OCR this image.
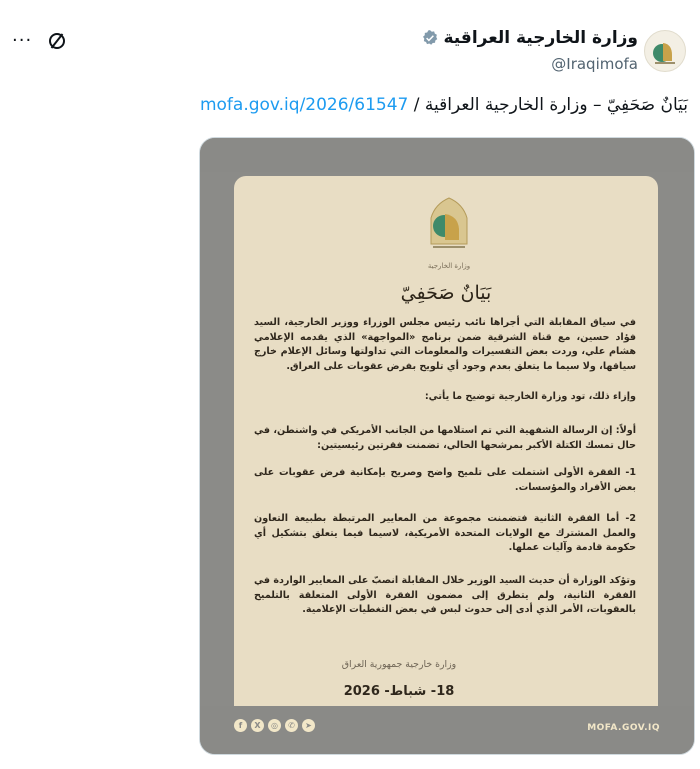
وزارة الخارجية العراقية
@Iraqimofa
···
بَيَانٌ صَحَفِيّ – وزارة الخارجية العراقية / mofa.gov.iq/2026/61547
وزارة الخارجية
بَيَانٌ صَحَفِيّ
في سياق المقابلة التي أجراها نائب رئيس مجلس الوزراء ووزير الخارجية، السيد فؤاد حسين، مع قناة الشرقية ضمن برنامج «المواجهة» الذي يقدمه الإعلامي هشام علي، وردت بعض التفسيرات والمعلومات التي تداولتها وسائل الإعلام خارج سياقها، ولا سيما ما يتعلق بعدم وجود أي تلويح بفرض عقوبات على العراق.
وإزاء ذلك، تود وزارة الخارجية توضيح ما يأتي:
أولاً: إن الرسالة الشفهية التي تم استلامها من الجانب الأمريكي في واشنطن، في حال تمسك الكتلة الأكبر بمرشحها الحالي، تضمنت فقرتين رئيسيتين:
1- الفقرة الأولى اشتملت على تلميح واضح وصريح بإمكانية فرض عقوبات على بعض الأفراد والمؤسسات.
2- أما الفقرة الثانية فتضمنت مجموعة من المعايير المرتبطة بطبيعة التعاون والعمل المشترك مع الولايات المتحدة الأمريكية، لاسيما فيما يتعلق بتشكيل أي حكومة قادمة وآليات عملها.
وتؤكد الوزارة أن حديث السيد الوزير خلال المقابلة انصبّ على المعايير الواردة في الفقرة الثانية، ولم يتطرق إلى مضمون الفقرة الأولى المتعلقة بالتلميح بالعقوبات، الأمر الذي أدى إلى حدوث لبس في بعض التغطيات الإعلامية.
وزارة خارجية جمهورية العراق
18- شباط- 2026
f	X	◎	✆	➤	MOFA.GOV.IQ
